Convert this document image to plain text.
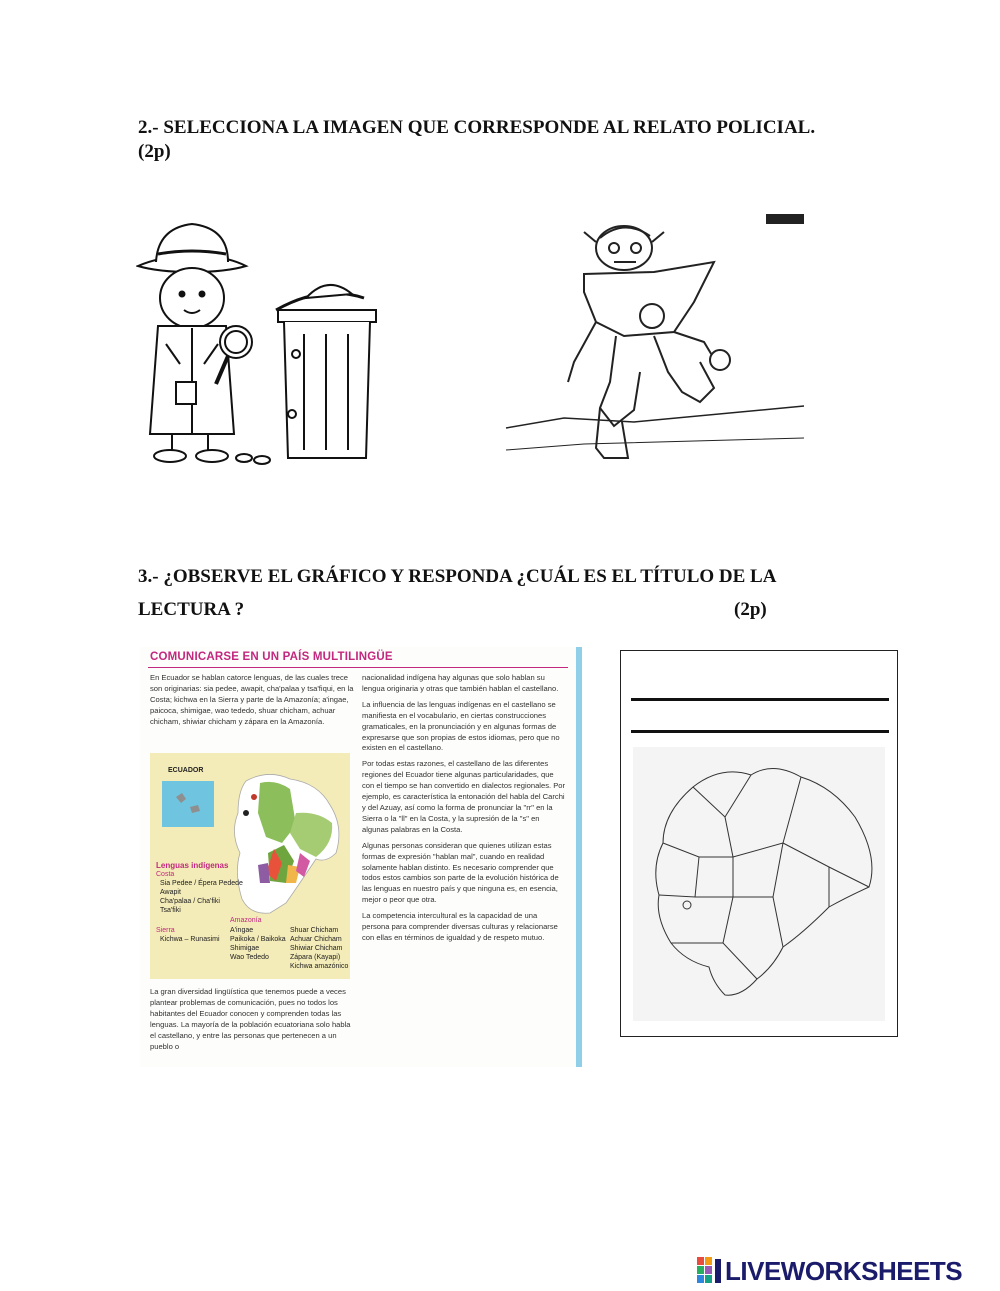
2.- SELECCIONA LA IMAGEN QUE CORRESPONDE AL RELATO POLICIAL.
(2p)
3.- ¿OBSERVE EL GRÁFICO Y RESPONDA ¿CUÁL ES EL TÍTULO DE LA
LECTURA ?	(2p)
COMUNICARSE EN UN PAÍS MULTILINGÜE

En Ecuador se hablan catorce lenguas, de las cuales trece son originarias: sia pedee, awapit, cha'palaa y tsa'fiqui, en la Costa; kichwa en la Sierra y parte de la Amazonía; a'ingae, paicoca, shimigae, wao tededo, shuar chicham, achuar chicham, shiwiar chicham y zápara en la Amazonía.

ECUADOR
Lenguas indígenas
Costa
Sia Pedee / Épera Pedede
Awapit
Cha'palaa / Cha'fiki
Tsa'fiki
Sierra
Kichwa – Runasimi
Amazonía
A'ingae
Paikoka / Baikoka
Shimigae
Wao Tededo
Shuar Chicham
Achuar Chicham
Shiwiar Chicham
Zápara (Kayapi)
Kichwa amazónico

La gran diversidad lingüística que tenemos puede a veces plantear problemas de comunicación, pues no todos los habitantes del Ecuador conocen y comprenden todas las lenguas. La mayoría de la población ecuatoriana solo habla el castellano, y entre las personas que pertenecen a un pueblo o

nacionalidad indígena hay algunas que solo hablan su lengua originaria y otras que también hablan el castellano.

La influencia de las lenguas indígenas en el castellano se manifiesta en el vocabulario, en ciertas construcciones gramaticales, en la pronunciación y en algunas formas de expresarse que son propias de estos idiomas, pero que no existen en el castellano.

Por todas estas razones, el castellano de las diferentes regiones del Ecuador tiene algunas particularidades, que con el tiempo se han convertido en dialectos regionales. Por ejemplo, es característica la entonación del habla del Carchi y del Azuay, así como la forma de pronunciar la "rr" en la Sierra o la "ll" en la Costa, y la supresión de la "s" en algunas palabras en la Costa.

Algunas personas consideran que quienes utilizan estas formas de expresión "hablan mal", cuando en realidad solamente hablan distinto. Es necesario comprender que todos estos cambios son parte de la evolución histórica de las lenguas en nuestro país y que ninguna es, en esencia, mejor o peor que otra.

La competencia intercultural es la capacidad de una persona para comprender diversas culturas y relacionarse con ellas en términos de igualdad y de respeto mutuo.

LIVEWORKSHEETS
